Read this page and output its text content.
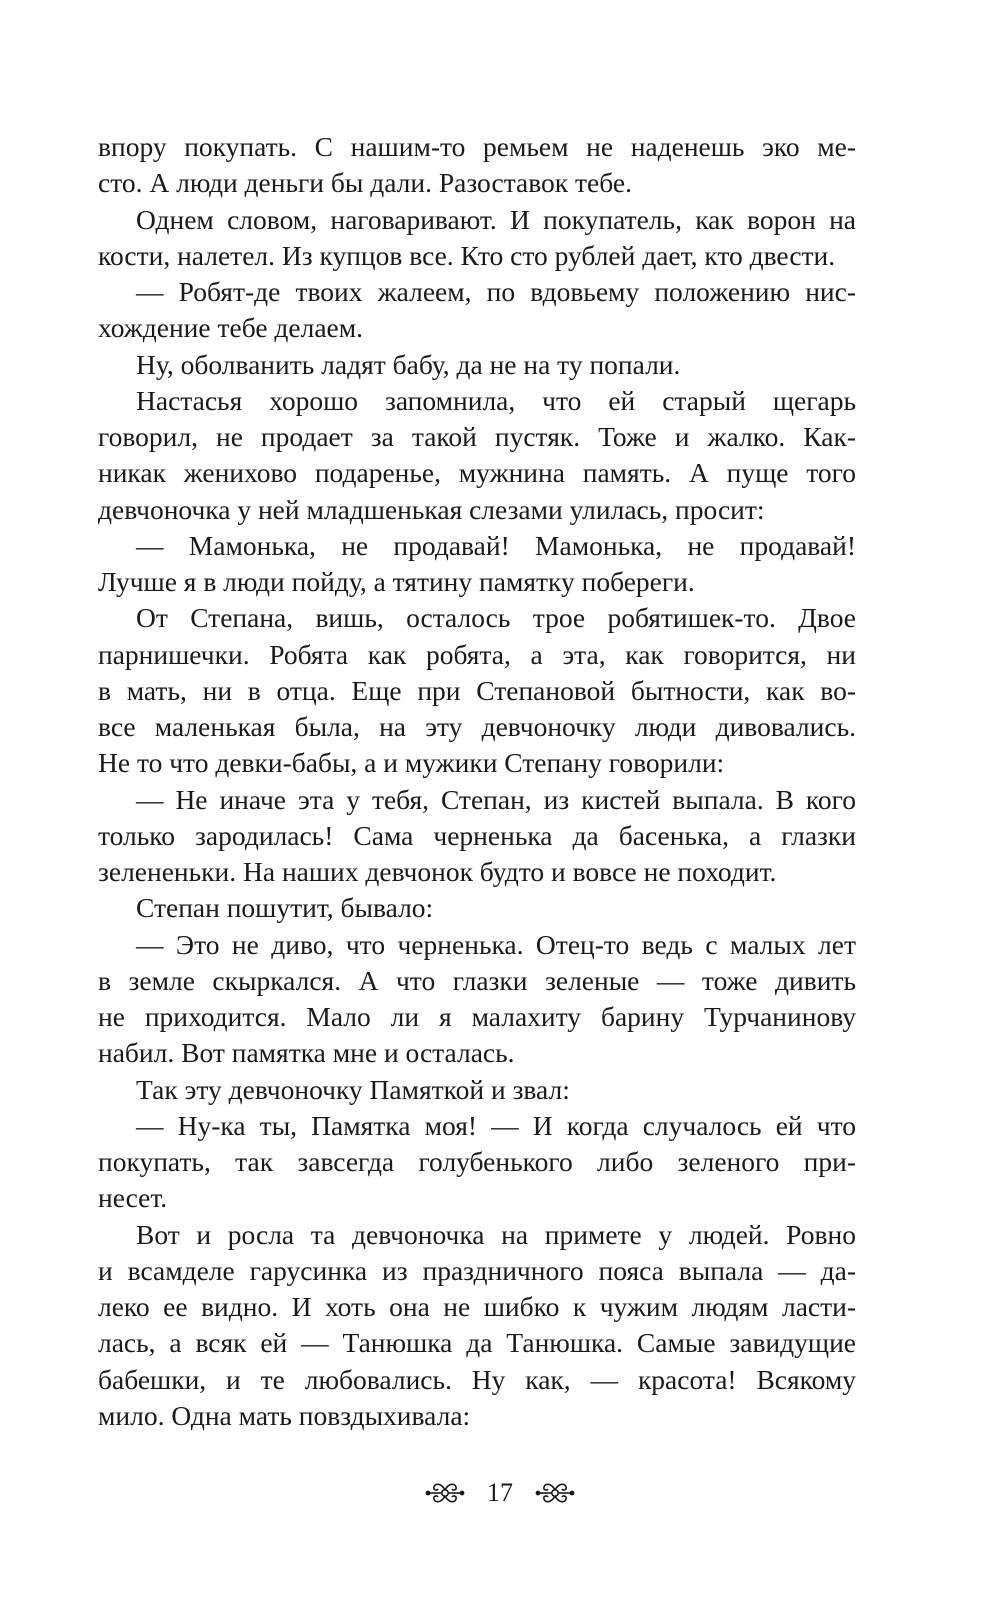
впору покупать. С нашим-то ремьем не наденешь эко ме-
сто. А люди деньги бы дали. Разоставок тебе.
Однем словом, наговаривают. И покупатель, как ворон на
кости, налетел. Из купцов все. Кто сто рублей дает, кто двести.
— Робят-де твоих жалеем, по вдовьему положению нис-
хождение тебе делаем.
Ну, оболванить ладят бабу, да не на ту попали.
Настасья хорошо запомнила, что ей старый щегарь
говорил, не продает за такой пустяк. Тоже и жалко. Как-
никак женихово подаренье, мужнина память. А пуще того
девчоночка у ней младшенькая слезами улилась, просит:
— Мамонька, не продавай! Мамонька, не продавай!
Лучше я в люди пойду, а тятину памятку побереги.
От Степана, вишь, осталось трое робятишек-то. Двое
парнишечки. Робята как робята, а эта, как говорится, ни
в мать, ни в отца. Еще при Степановой бытности, как во-
все маленькая была, на эту девчоночку люди дивовались.
Не то что девки-бабы, а и мужики Степану говорили:
— Не иначе эта у тебя, Степан, из кистей выпала. В кого
только зародилась! Сама черненька да басенька, а глазки
зелененьки. На наших девчонок будто и вовсе не походит.
Степан пошутит, бывало:
— Это не диво, что черненька. Отец-то ведь с малых лет
в земле скыркался. А что глазки зеленые — тоже дивить
не приходится. Мало ли я малахиту барину Турчанинову
набил. Вот памятка мне и осталась.
Так эту девчоночку Памяткой и звал:
— Ну-ка ты, Памятка моя! — И когда случалось ей что
покупать, так завсегда голубенького либо зеленого при-
несет.
Вот и росла та девчоночка на примете у людей. Ровно
и всамделе гарусинка из праздничного пояса выпала — да-
леко ее видно. И хоть она не шибко к чужим людям ласти-
лась, а всяк ей — Танюшка да Танюшка. Самые завидущие
бабешки, и те любовались. Ну как, — красота! Всякому
мило. Одна мать повздыхивала:
17
